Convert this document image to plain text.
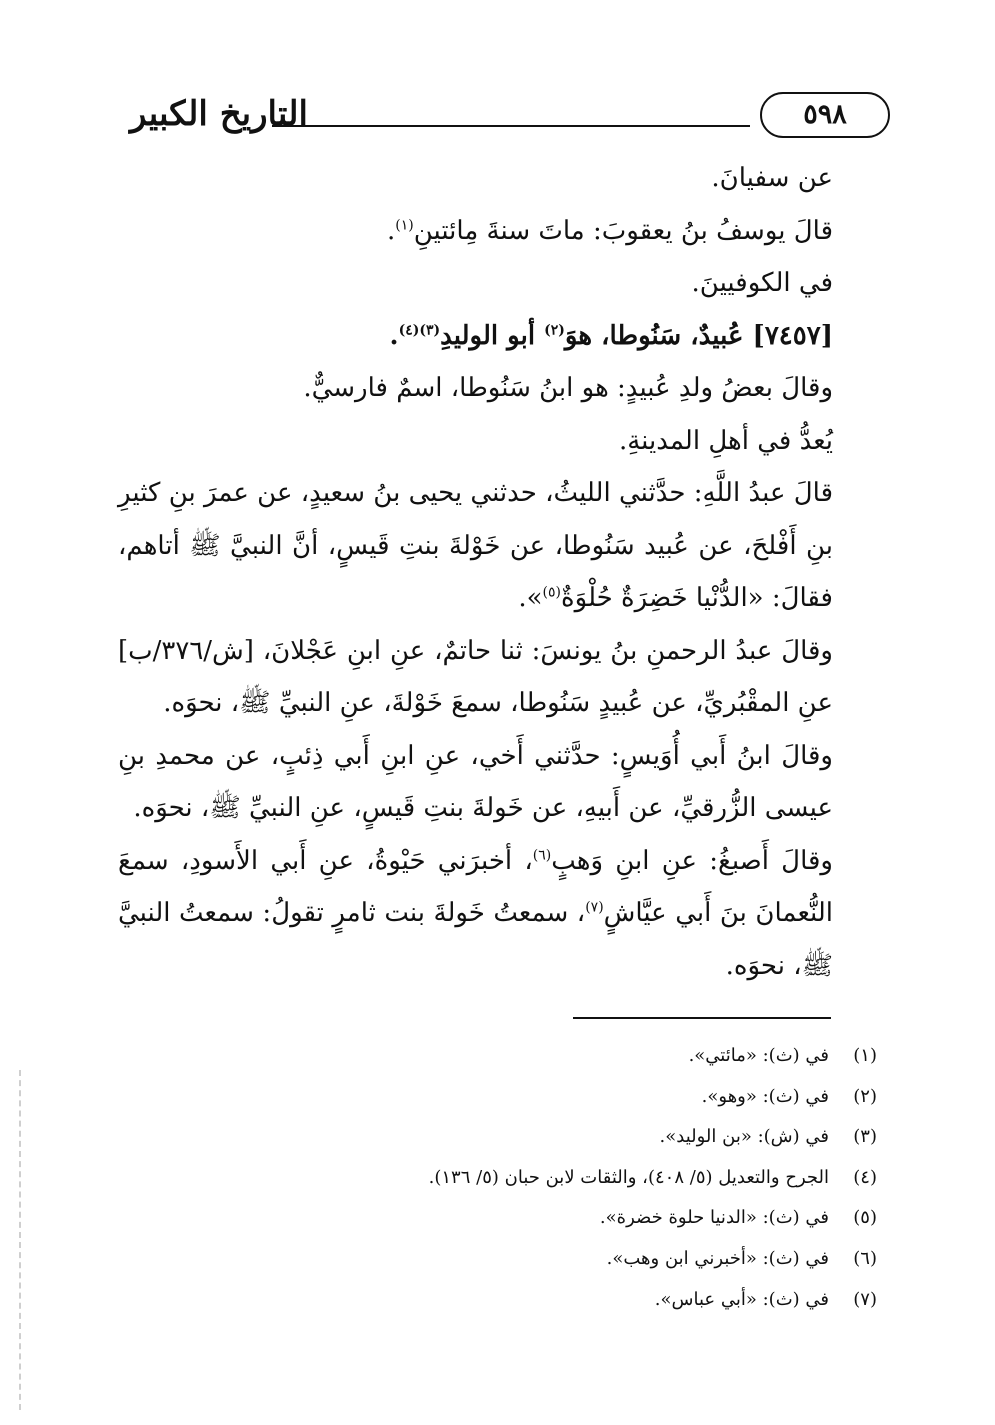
التاريخ الكبير	٥٩٨

عن سفيانَ.

قالَ يوسفُ بنُ يعقوبَ: ماتَ سنةَ مِائتينِ$^{(١)}$.

في الكوفيينَ.

[٧٤٥٧] عُبيدٌ، سَنُوطا، هوَ$^{(٢)}$ أبو الوليدِ$^{(٣)(٤)}$.

وقالَ بعضُ ولدِ عُبيدٍ: هو ابنُ سَنُوطا، اسمٌ فارسيٌّ.

يُعدُّ في أهلِ المدينةِ.

قالَ عبدُ اللَّهِ: حدَّثني الليثُ، حدثني يحيى بنُ سعيدٍ، عن عمرَ بنِ كثيرِ بنِ أَفْلحَ، عن عُبيد سَنُوطا، عن خَوْلةَ بنتِ قَيسٍ، أنَّ النبيَّ ﷺ أتاهم، فقالَ: «الدُّنْيا خَضِرَةٌ حُلْوَةٌ$^{(٥)}$».

وقالَ عبدُ الرحمنِ بنُ يونسَ: ثنا حاتمٌ، عنِ ابنِ عَجْلانَ، [ش/٣٧٦/ب] عنِ المقْبُريِّ، عن عُبيدٍ سَنُوطا، سمعَ خَوْلةَ، عنِ النبيِّ ﷺ، نحوَه.

وقالَ ابنُ أَبي أُوَيسٍ: حدَّثني أَخي، عنِ ابنِ أَبي ذِئبٍ، عن محمدِ بنِ عيسى الزُّرقيِّ، عن أَبيهِ، عن خَولةَ بنتِ قَيسٍ، عنِ النبيِّ ﷺ، نحوَه.

وقالَ أَصبغُ: عنِ ابنِ وَهبٍ$^{(٦)}$، أخبرَني حَيْوةُ، عنِ أَبي الأَسودِ، سمعَ النُّعمانَ بنَ أَبي عيَّاشٍ$^{(٧)}$، سمعتُ خَولةَ بنت ثامرٍ تقولُ: سمعتُ النبيَّ ﷺ، نحوَه.

(١)
في (ث): «مائتي».
(٢)
في (ث): «وهو».
(٣)
في (ش): «بن الوليد».
(٤)
الجرح والتعديل (٥/ ٤٠٨)، والثقات لابن حبان (٥/ ١٣٦).
(٥)
في (ث): «الدنيا حلوة خضرة».
(٦)
في (ث): «أخبرني ابن وهب».
(٧)
في (ث): «أبي عباس».
